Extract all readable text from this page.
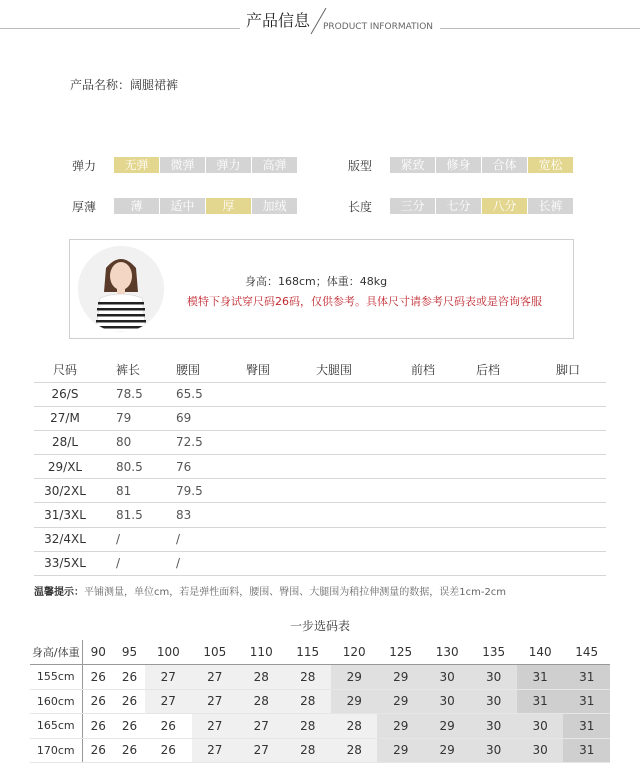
产品信息 PRODUCT INFORMATION
产品名称：阔腿裙裤
弹力	无弹	微弹	弹力	高弹	版型	紧致	修身	合体	宽松
厚薄	薄	适中	厚	加绒	长度	三分	七分	八分	长裤
身高：168cm；体重：48kg
模特下身试穿尺码26码，仅供参考。具体尺寸请参考尺码表或是咨询客服
尺码	裤长	腰围	臀围	大腿围	前档	后档	脚口
26/S	78.5	65.5					
27/M	79	69					
28/L	80	72.5					
29/XL	80.5	76					
30/2XL	81	79.5					
31/3XL	81.5	83					
32/4XL	/	/					
33/5XL	/	/					
温馨提示：平铺测量，单位cm，若是弹性面料，腰围、臀围、大腿围为稍拉伸测量的数据，误差1cm-2cm
一步选码表
身高/体重	90	95	100	105	110	115	120	125	130	135	140	145
155cm	26	26	27	27	28	28	29	29	30	30	31	31
160cm	26	26	27	27	28	28	29	29	30	30	31	31
165cm	26	26	26	27	27	28	28	29	29	30	30	31
170cm	26	26	26	27	27	28	28	29	29	30	30	31
